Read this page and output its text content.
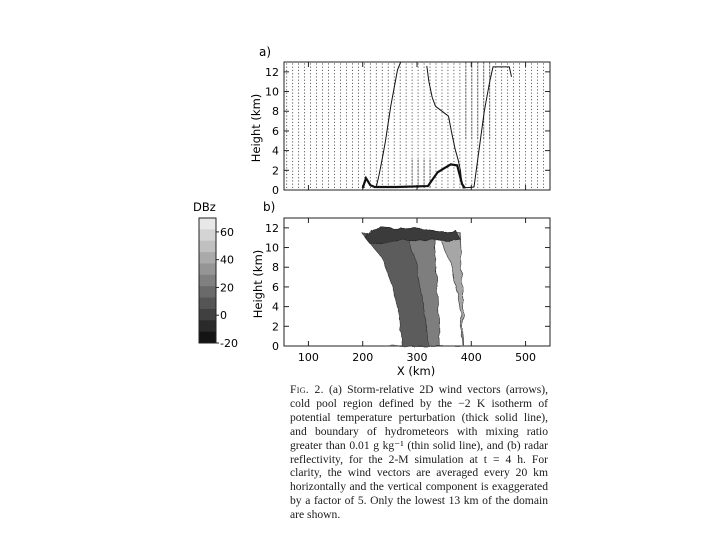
a)
b)
Height (km)
Height (km)
0
2
4
6
8
10
12
0
2
4
6
8
10
12
100	200	300	400	500
X (km)
DBz
60
40
20
0
-20
Fig. 2. (a) Storm-relative 2D wind vectors (arrows), cold pool region defined by the −2 K isotherm of potential temperature perturbation (thick solid line), and boundary of hydrometeors with mixing ratio greater than 0.01 g kg⁻¹ (thin solid line), and (b) radar reflectivity, for the 2-M simulation at t = 4 h. For clarity, the wind vectors are averaged every 20 km horizontally and the vertical component is exaggerated by a factor of 5. Only the lowest 13 km of the domain are shown.
